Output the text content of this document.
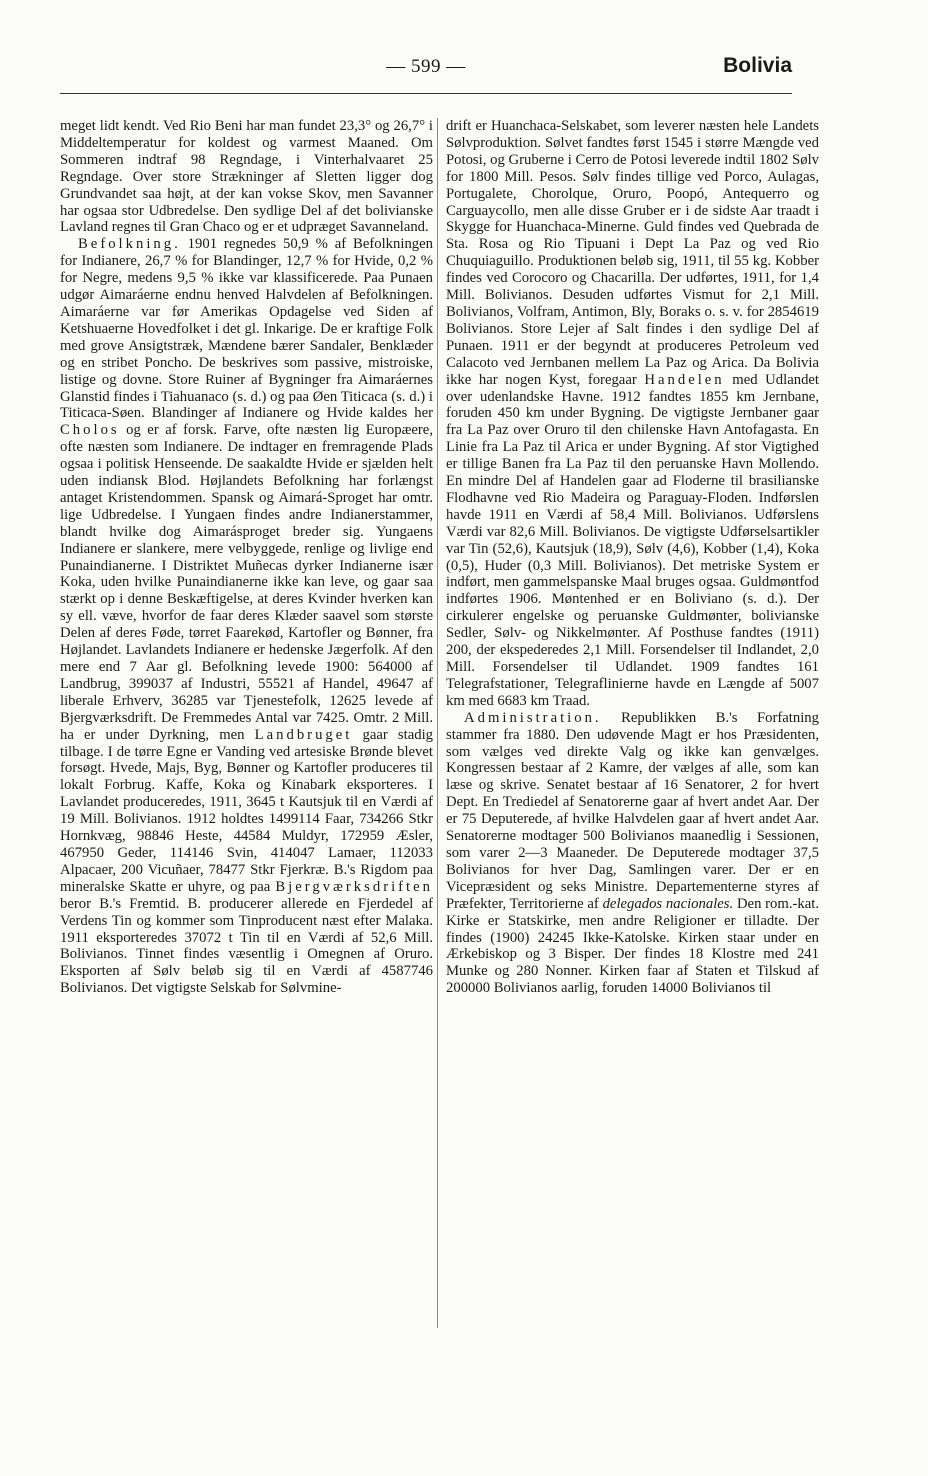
— 599 —	Bolivia

meget lidt kendt. Ved Rio Beni har man fundet 23,3° og 26,7° i Middeltemperatur for koldest og varmest Maaned. Om Sommeren indtraf 98 Regndage, i Vinterhalvaaret 25 Regndage. Over store Strækninger af Sletten ligger dog Grundvandet saa højt, at der kan vokse Skov, men Savanner har ogsaa stor Udbredelse. Den sydlige Del af det bolivianske Lavland regnes til Gran Chaco og er et udpræget Savanneland.

Befolkning. 1901 regnedes 50,9 % af Befolkningen for Indianere, 26,7 % for Blandinger, 12,7 % for Hvide, 0,2 % for Negre, medens 9,5 % ikke var klassificerede. Paa Punaen udgør Aimaráerne endnu henved Halvdelen af Befolkningen. Aimaráerne var før Amerikas Opdagelse ved Siden af Ketshuaerne Hovedfolket i det gl. Inkarige. De er kraftige Folk med grove Ansigtstræk, Mændene bærer Sandaler, Benklæder og en stribet Poncho. De beskrives som passive, mistroiske, listige og dovne. Store Ruiner af Bygninger fra Aimaráernes Glanstid findes i Tiahuanaco (s. d.) og paa Øen Titicaca (s. d.) i Titicaca-Søen. Blandinger af Indianere og Hvide kaldes her Cholos og er af forsk. Farve, ofte næsten lig Europæere, ofte næsten som Indianere. De indtager en fremragende Plads ogsaa i politisk Henseende. De saakaldte Hvide er sjælden helt uden indiansk Blod. Højlandets Befolkning har forlængst antaget Kristendommen. Spansk og Aimará-Sproget har omtr. lige Udbredelse. I Yungaen findes andre Indianerstammer, blandt hvilke dog Aimarásproget breder sig. Yungaens Indianere er slankere, mere velbyggede, renlige og livlige end Punaindianerne. I Distriktet Muñecas dyrker Indianerne især Koka, uden hvilke Punaindianerne ikke kan leve, og gaar saa stærkt op i denne Beskæftigelse, at deres Kvinder hverken kan sy ell. væve, hvorfor de faar deres Klæder saavel som største Delen af deres Føde, tørret Faarekød, Kartofler og Bønner, fra Højlandet. Lavlandets Indianere er hedenske Jægerfolk. Af den mere end 7 Aar gl. Befolkning levede 1900: 564000 af Landbrug, 399037 af Industri, 55521 af Handel, 49647 af liberale Erhverv, 36285 var Tjenestefolk, 12625 levede af Bjergværksdrift. De Fremmedes Antal var 7425. Omtr. 2 Mill. ha er under Dyrkning, men Landbruget gaar stadig tilbage. I de tørre Egne er Vanding ved artesiske Brønde blevet forsøgt. Hvede, Majs, Byg, Bønner og Kartofler produceres til lokalt Forbrug. Kaffe, Koka og Kinabark eksporteres. I Lavlandet produceredes, 1911, 3645 t Kautsjuk til en Værdi af 19 Mill. Bolivianos. 1912 holdtes 1499114 Faar, 734266 Stkr Hornkvæg, 98846 Heste, 44584 Muldyr, 172959 Æsler, 467950 Geder, 114146 Svin, 414047 Lamaer, 112033 Alpacaer, 200 Vicuñaer, 78477 Stkr Fjerkræ. B.'s Rigdom paa mineralske Skatte er uhyre, og paa Bjergværksdriften beror B.'s Fremtid. B. producerer allerede en Fjerdedel af Verdens Tin og kommer som Tinproducent næst efter Malaka. 1911 eksporteredes 37072 t Tin til en Værdi af 52,6 Mill. Bolivianos. Tinnet findes væsentlig i Omegnen af Oruro. Eksporten af Sølv beløb sig til en Værdi af 4587746 Bolivianos. Det vigtigste Selskab for Sølvmine-

drift er Huanchaca-Selskabet, som leverer næsten hele Landets Sølvproduktion. Sølvet fandtes først 1545 i større Mængde ved Potosi, og Gruberne i Cerro de Potosi leverede indtil 1802 Sølv for 1800 Mill. Pesos. Sølv findes tillige ved Porco, Aulagas, Portugalete, Chorolque, Oruro, Poopó, Antequerro og Carguaycollo, men alle disse Gruber er i de sidste Aar traadt i Skygge for Huanchaca-Minerne. Guld findes ved Quebrada de Sta. Rosa og Rio Tipuani i Dept La Paz og ved Rio Chuquiaguillo. Produktionen beløb sig, 1911, til 55 kg. Kobber findes ved Corocoro og Chacarilla. Der udførtes, 1911, for 1,4 Mill. Bolivianos. Desuden udførtes Vismut for 2,1 Mill. Bolivianos, Volfram, Antimon, Bly, Boraks o. s. v. for 2854619 Bolivianos. Store Lejer af Salt findes i den sydlige Del af Punaen. 1911 er der begyndt at produceres Petroleum ved Calacoto ved Jernbanen mellem La Paz og Arica. Da Bolivia ikke har nogen Kyst, foregaar Handelen med Udlandet over udenlandske Havne. 1912 fandtes 1855 km Jernbane, foruden 450 km under Bygning. De vigtigste Jernbaner gaar fra La Paz over Oruro til den chilenske Havn Antofagasta. En Linie fra La Paz til Arica er under Bygning. Af stor Vigtighed er tillige Banen fra La Paz til den peruanske Havn Mollendo. En mindre Del af Handelen gaar ad Floderne til brasilianske Flodhavne ved Rio Madeira og Paraguay-Floden. Indførslen havde 1911 en Værdi af 58,4 Mill. Bolivianos. Udførslens Værdi var 82,6 Mill. Bolivianos. De vigtigste Udførselsartikler var Tin (52,6), Kautsjuk (18,9), Sølv (4,6), Kobber (1,4), Koka (0,5), Huder (0,3 Mill. Bolivianos). Det metriske System er indført, men gammelspanske Maal bruges ogsaa. Guldmøntfod indførtes 1906. Møntenhed er en Boliviano (s. d.). Der cirkulerer engelske og peruanske Guldmønter, bolivianske Sedler, Sølv- og Nikkelmønter. Af Posthuse fandtes (1911) 200, der ekspederedes 2,1 Mill. Forsendelser til Indlandet, 2,0 Mill. Forsendelser til Udlandet. 1909 fandtes 161 Telegrafstationer, Telegraflinierne havde en Længde af 5007 km med 6683 km Traad.

Administration. Republikken B.'s Forfatning stammer fra 1880. Den udøvende Magt er hos Præsidenten, som vælges ved direkte Valg og ikke kan genvælges. Kongressen bestaar af 2 Kamre, der vælges af alle, som kan læse og skrive. Senatet bestaar af 16 Senatorer, 2 for hvert Dept. En Trediedel af Senatorerne gaar af hvert andet Aar. Der er 75 Deputerede, af hvilke Halvdelen gaar af hvert andet Aar. Senatorerne modtager 500 Bolivianos maanedlig i Sessionen, som varer 2—3 Maaneder. De Deputerede modtager 37,5 Bolivianos for hver Dag, Samlingen varer. Der er en Vicepræsident og seks Ministre. Departementerne styres af Præfekter, Territorierne af delegados nacionales. Den rom.-kat. Kirke er Statskirke, men andre Religioner er tilladte. Der findes (1900) 24245 Ikke-Katolske. Kirken staar under en Ærkebiskop og 3 Bisper. Der findes 18 Klostre med 241 Munke og 280 Nonner. Kirken faar af Staten et Tilskud af 200000 Bolivianos aarlig, foruden 14000 Bolivianos til
